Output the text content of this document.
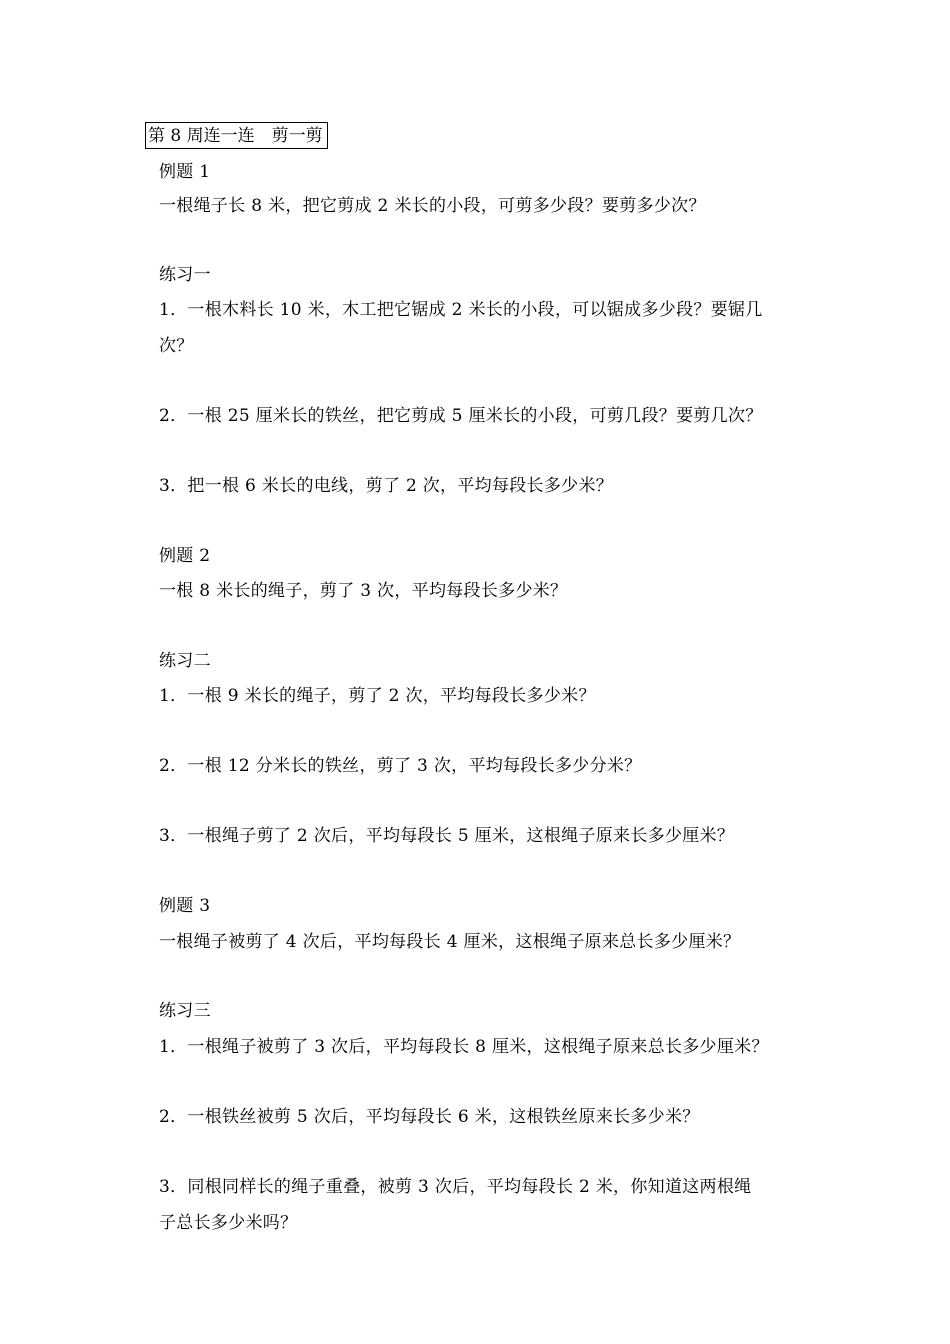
第 8 周连一连　剪一剪
例题 1
一根绳子长 8 米，把它剪成 2 米长的小段，可剪多少段？要剪多少次？
练习一
1．一根木料长 10 米，木工把它锯成 2 米长的小段，可以锯成多少段？要锯几
次？
2．一根 25 厘米长的铁丝，把它剪成 5 厘米长的小段，可剪几段？要剪几次？
3．把一根 6 米长的电线，剪了 2 次，平均每段长多少米？
例题 2
一根 8 米长的绳子，剪了 3 次，平均每段长多少米？
练习二
1．一根 9 米长的绳子，剪了 2 次，平均每段长多少米？
2．一根 12 分米长的铁丝，剪了 3 次，平均每段长多少分米？
3．一根绳子剪了 2 次后，平均每段长 5 厘米，这根绳子原来长多少厘米？
例题 3
一根绳子被剪了 4 次后，平均每段长 4 厘米，这根绳子原来总长多少厘米？
练习三
1．一根绳子被剪了 3 次后，平均每段长 8 厘米，这根绳子原来总长多少厘米？
2．一根铁丝被剪 5 次后，平均每段长 6 米，这根铁丝原来长多少米？
3．同根同样长的绳子重叠，被剪 3 次后，平均每段长 2 米，你知道这两根绳
子总长多少米吗？
